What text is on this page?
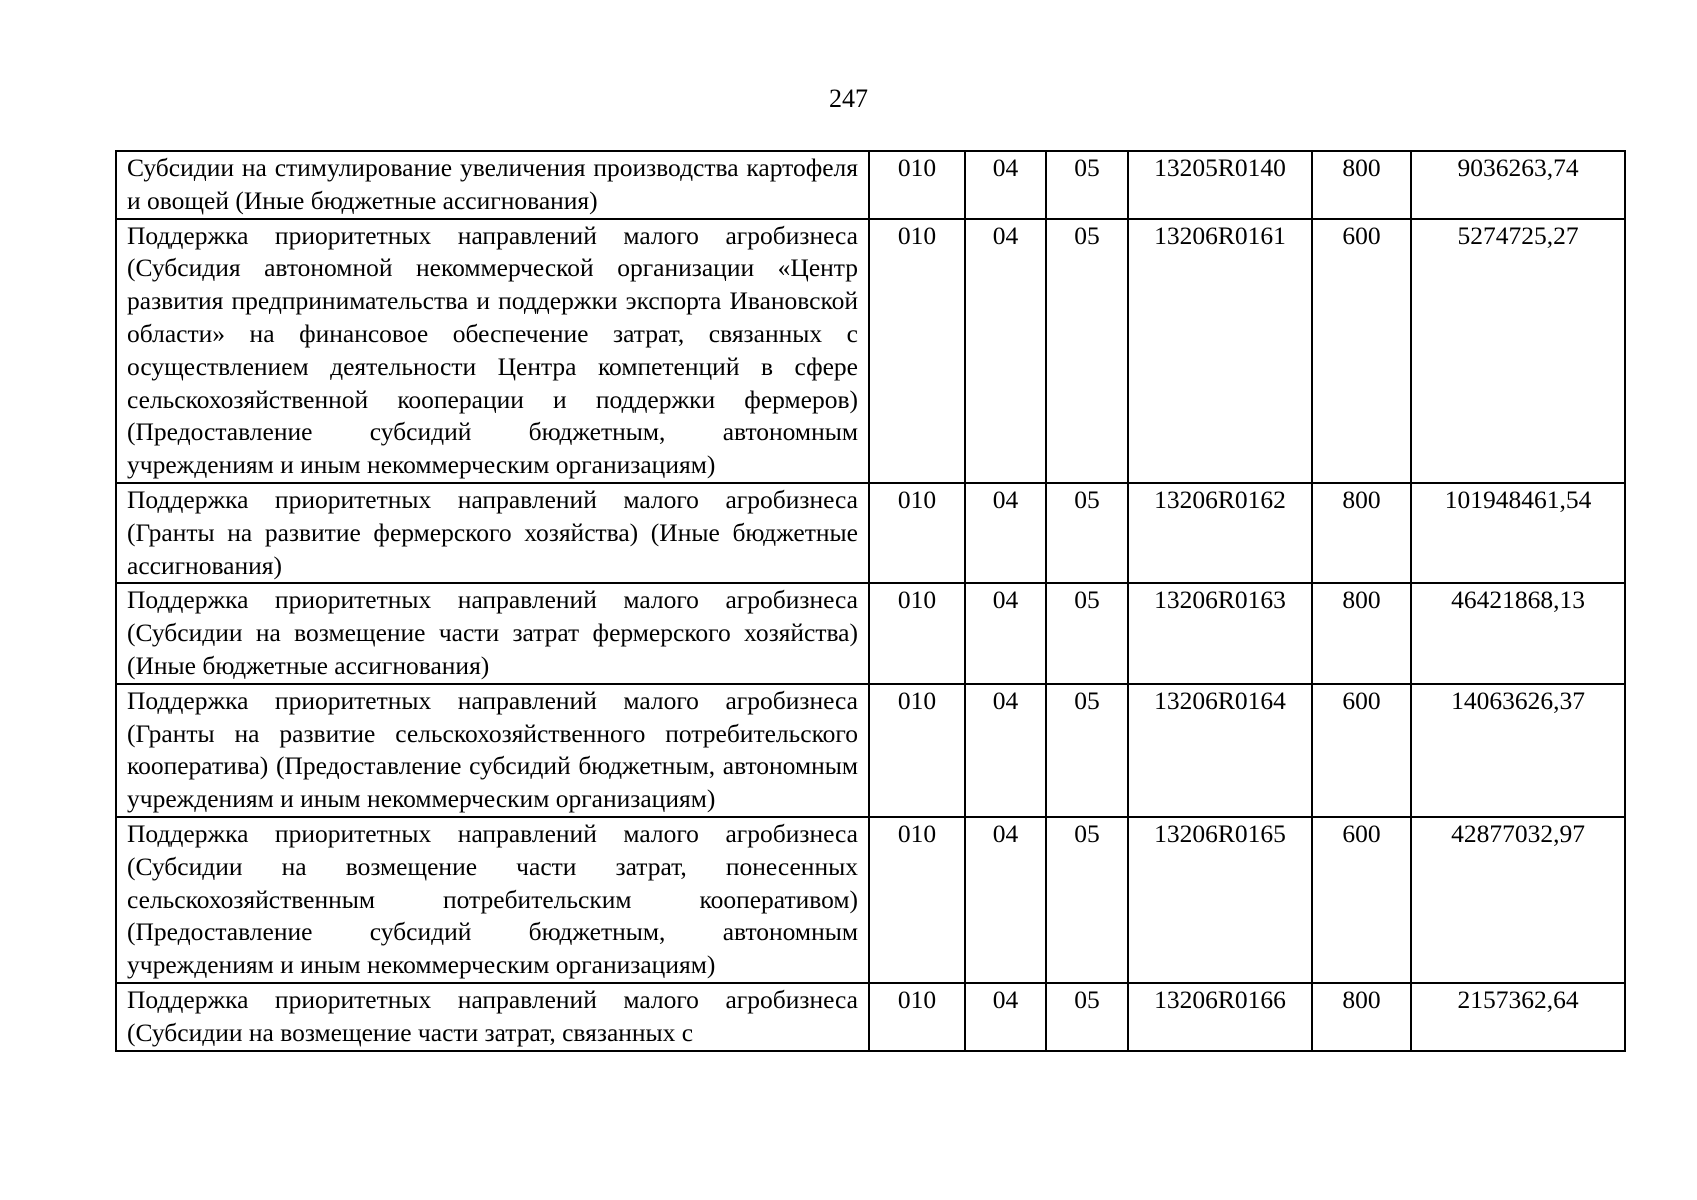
247
Субсидии на стимулирование увеличения производства картофеля и овощей (Иные бюджетные ассигнования)	010	04	05	13205R0140	800	9036263,74
Поддержка приоритетных направлений малого агробизнеса (Субсидия автономной некоммерческой организации «Центр развития предпринимательства и поддержки экспорта Ивановской области» на финансовое обеспечение затрат, связанных с осуществлением деятельности Центра компетенций в сфере сельскохозяйственной кооперации и поддержки фермеров) (Предоставление субсидий бюджетным, автономным учреждениям и иным некоммерческим организациям)	010	04	05	13206R0161	600	5274725,27
Поддержка приоритетных направлений малого агробизнеса (Гранты на развитие фермерского хозяйства) (Иные бюджетные ассигнования)	010	04	05	13206R0162	800	101948461,54
Поддержка приоритетных направлений малого агробизнеса (Субсидии на возмещение части затрат фермерского хозяйства) (Иные бюджетные ассигнования)	010	04	05	13206R0163	800	46421868,13
Поддержка приоритетных направлений малого агробизнеса (Гранты на развитие сельскохозяйственного потребительского кооператива) (Предоставление субсидий бюджетным, автономным учреждениям и иным некоммерческим организациям)	010	04	05	13206R0164	600	14063626,37
Поддержка приоритетных направлений малого агробизнеса (Субсидии на возмещение части затрат, понесенных сельскохозяйственным потребительским кооперативом) (Предоставление субсидий бюджетным, автономным учреждениям и иным некоммерческим организациям)	010	04	05	13206R0165	600	42877032,97
Поддержка приоритетных направлений малого агробизнеса (Субсидии на возмещение части затрат, связанных с	010	04	05	13206R0166	800	2157362,64
